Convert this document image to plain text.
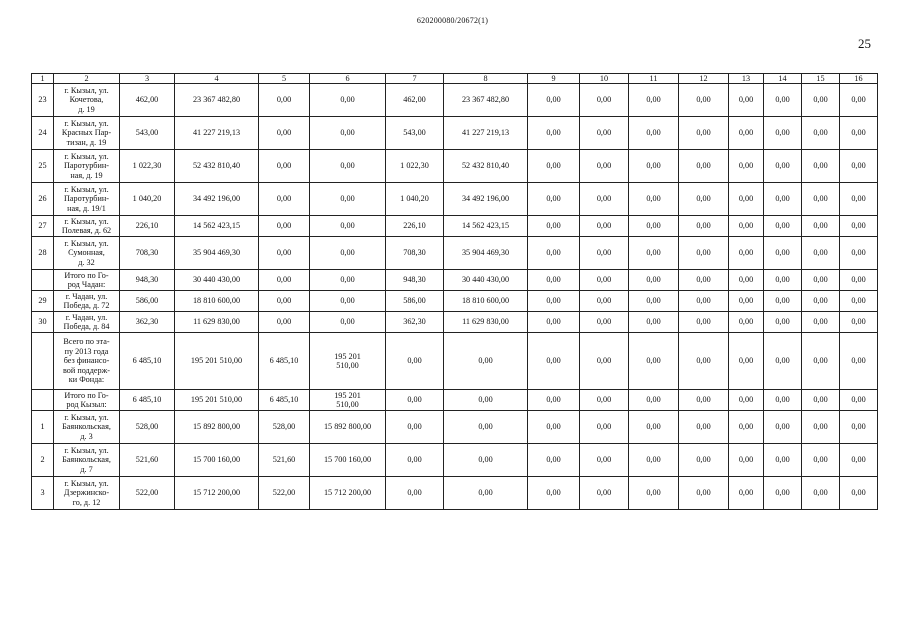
620200080/20672(1)
25
1	2	3	4	5	6	7	8	9	10	11	12	13	14	15	16
23	г. Кызыл, ул.
Кочетова,
д. 19	462,00	23 367 482,80	0,00	0,00	462,00	23 367 482,80	0,00	0,00	0,00	0,00	0,00	0,00	0,00	0,00
24	г. Кызыл, ул.
Красных Пар-
тизан, д. 19	543,00	41 227 219,13	0,00	0,00	543,00	41 227 219,13	0,00	0,00	0,00	0,00	0,00	0,00	0,00	0,00
25	г. Кызыл, ул.
Паротурбин-
ная, д. 19	1 022,30	52 432 810,40	0,00	0,00	1 022,30	52 432 810,40	0,00	0,00	0,00	0,00	0,00	0,00	0,00	0,00
26	г. Кызыл, ул.
Паротурбин-
ная, д. 19/1	1 040,20	34 492 196,00	0,00	0,00	1 040,20	34 492 196,00	0,00	0,00	0,00	0,00	0,00	0,00	0,00	0,00
27	г. Кызыл, ул.
Полевая, д. 62	226,10	14 562 423,15	0,00	0,00	226,10	14 562 423,15	0,00	0,00	0,00	0,00	0,00	0,00	0,00	0,00
28	г. Кызыл, ул.
Сумонная,
д. 32	708,30	35 904 469,30	0,00	0,00	708,30	35 904 469,30	0,00	0,00	0,00	0,00	0,00	0,00	0,00	0,00
	Итого по Го-
род Чадан:	948,30	30 440 430,00	0,00	0,00	948,30	30 440 430,00	0,00	0,00	0,00	0,00	0,00	0,00	0,00	0,00
29	г. Чадан, ул.
Победа, д. 72	586,00	18 810 600,00	0,00	0,00	586,00	18 810 600,00	0,00	0,00	0,00	0,00	0,00	0,00	0,00	0,00
30	г. Чадан, ул.
Победа, д. 84	362,30	11 629 830,00	0,00	0,00	362,30	11 629 830,00	0,00	0,00	0,00	0,00	0,00	0,00	0,00	0,00
	Всего по эта-
пу 2013 года
без финансо-
вой поддерж-
ки Фонда:	6 485,10	195 201 510,00	6 485,10	195 201
510,00	0,00	0,00	0,00	0,00	0,00	0,00	0,00	0,00	0,00	0,00
	Итого по Го-
род Кызыл:	6 485,10	195 201 510,00	6 485,10	195 201
510,00	0,00	0,00	0,00	0,00	0,00	0,00	0,00	0,00	0,00	0,00
1	г. Кызыл, ул.
Баянкольская,
д. 3	528,00	15 892 800,00	528,00	15 892 800,00	0,00	0,00	0,00	0,00	0,00	0,00	0,00	0,00	0,00	0,00
2	г. Кызыл, ул.
Баянкольская,
д. 7	521,60	15 700 160,00	521,60	15 700 160,00	0,00	0,00	0,00	0,00	0,00	0,00	0,00	0,00	0,00	0,00
3	г. Кызыл, ул.
Дзержинско-
го, д. 12	522,00	15 712 200,00	522,00	15 712 200,00	0,00	0,00	0,00	0,00	0,00	0,00	0,00	0,00	0,00	0,00
